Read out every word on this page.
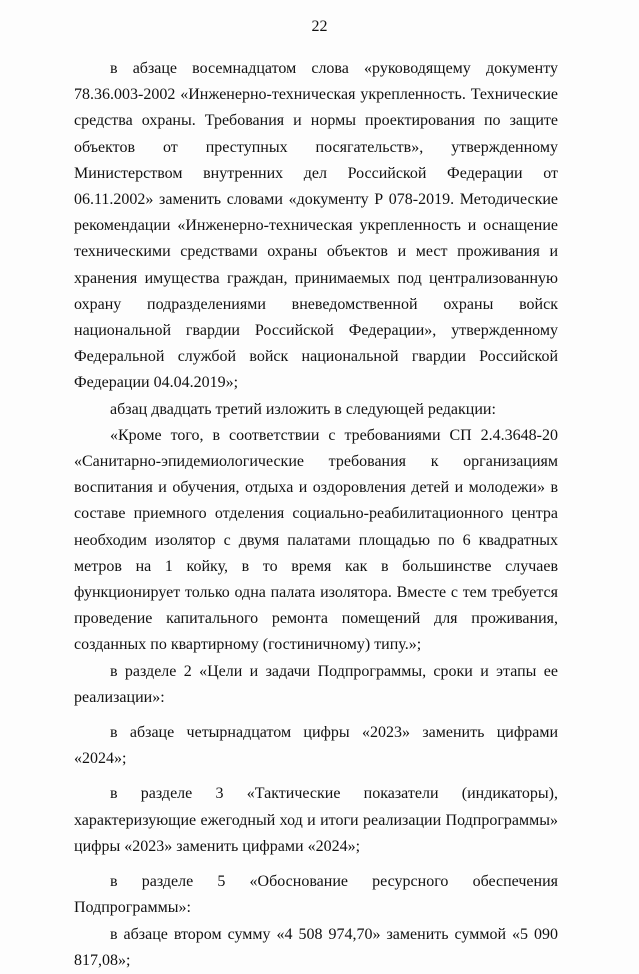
22

в абзаце восемнадцатом слова «руководящему документу 78.36.003-2002 «Инженерно-техническая укрепленность. Технические средства охраны. Требования и нормы проектирования по защите объектов от преступных посягательств», утвержденному Министерством внутренних дел Российской Федерации от 06.11.2002» заменить словами «документу Р 078-2019. Методические рекомендации «Инженерно-техническая укрепленность и оснащение техническими средствами охраны объектов и мест проживания и хранения имущества граждан, принимаемых под централизованную охрану подразделениями вневедомственной охраны войск национальной гвардии Российской Федерации», утвержденному Федеральной службой войск национальной гвардии Российской Федерации 04.04.2019»;

абзац двадцать третий изложить в следующей редакции:

«Кроме того, в соответствии с требованиями СП 2.4.3648-20 «Санитарно-эпидемиологические требования к организациям воспитания и обучения, отдыха и оздоровления детей и молодежи» в составе приемного отделения социально-реабилитационного центра необходим изолятор с двумя палатами площадью по 6 квадратных метров на 1 койку, в то время как в большинстве случаев функционирует только одна палата изолятора. Вместе с тем требуется проведение капитального ремонта помещений для проживания, созданных по квартирному (гостиничному) типу.»;

в разделе 2 «Цели и задачи Подпрограммы, сроки и этапы ее реализации»:

в абзаце четырнадцатом цифры «2023» заменить цифрами «2024»;

в разделе 3 «Тактические показатели (индикаторы), характеризующие ежегодный ход и итоги реализации Подпрограммы» цифры «2023» заменить цифрами «2024»;

в разделе 5 «Обоснование ресурсного обеспечения Подпрограммы»:

в абзаце втором сумму «4 508 974,70» заменить суммой «5 090 817,08»;
